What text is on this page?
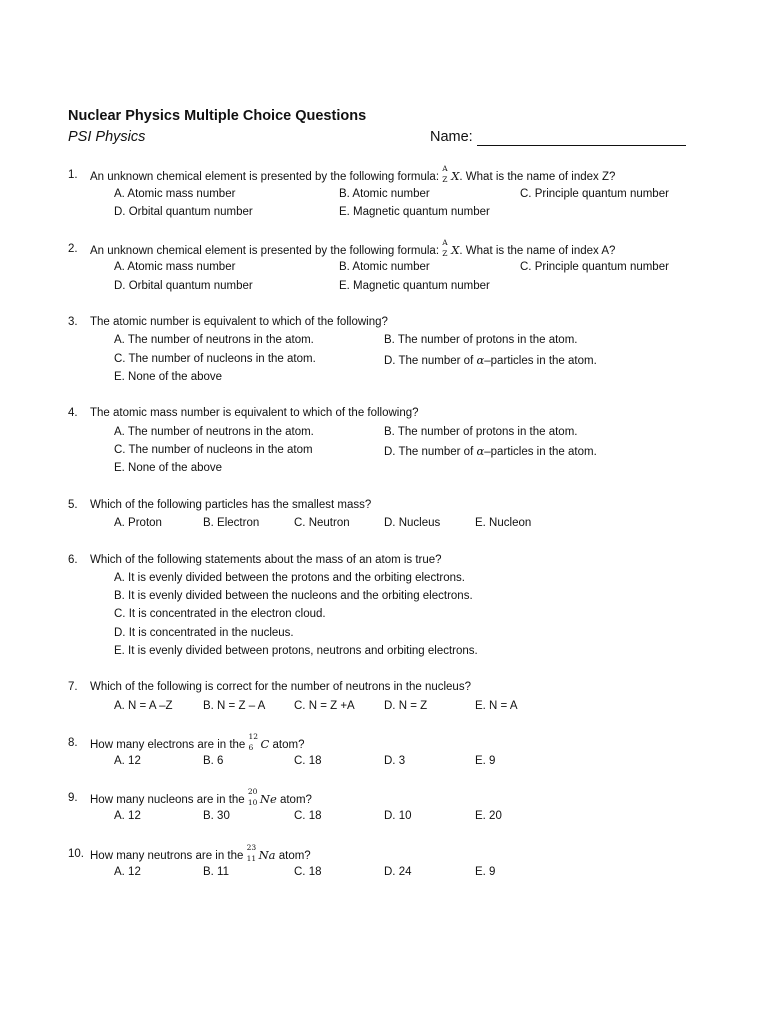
Nuclear Physics Multiple Choice Questions
PSI Physics	Name:
1. An unknown chemical element is presented by the following formula:
A
Z X. What is the name of index Z?
A. Atomic mass number	B. Atomic number	C. Principle quantum number
D. Orbital quantum number	E. Magnetic quantum number
2. An unknown chemical element is presented by the following formula:
A
Z X. What is the name of index A?
A. Atomic mass number	B. Atomic number	C. Principle quantum number
D. Orbital quantum number	E. Magnetic quantum number
3. The atomic number is equivalent to which of the following?
A. The number of neutrons in the atom.	B. The number of protons in the atom.
C. The number of nucleons in the atom.	D. The number of α–particles in the atom.
E. None of the above
4. The atomic mass number is equivalent to which of the following?
A. The number of neutrons in the atom.	B. The number of protons in the atom.
C. The number of nucleons in the atom	D. The number of α–particles in the atom.
E. None of the above
5. Which of the following particles has the smallest mass?
A. Proton	B. Electron	C. Neutron	D. Nucleus	E. Nucleon
6. Which of the following statements about the mass of an atom is true?
A. It is evenly divided between the protons and the orbiting electrons.
B. It is evenly divided between the nucleons and the orbiting electrons.
C. It is concentrated in the electron cloud.
D. It is concentrated in the nucleus.
E. It is evenly divided between protons, neutrons and orbiting electrons.
7. Which of the following is correct for the number of neutrons in the nucleus?
A. N = A –Z	B. N = Z – A C. N = Z +A	D. N = Z	E. N = A
8. How many electrons are in the
12
6 C atom?
A. 12	B. 6	C. 18	D. 3	E. 9
9. How many nucleons are in the
20
10 Ne atom?
A. 12	B. 30	C. 18	D. 10	E. 20
10. How many neutrons are in the
23
11 Na atom?
A. 12	B. 11	C. 18	D. 24	E. 9
